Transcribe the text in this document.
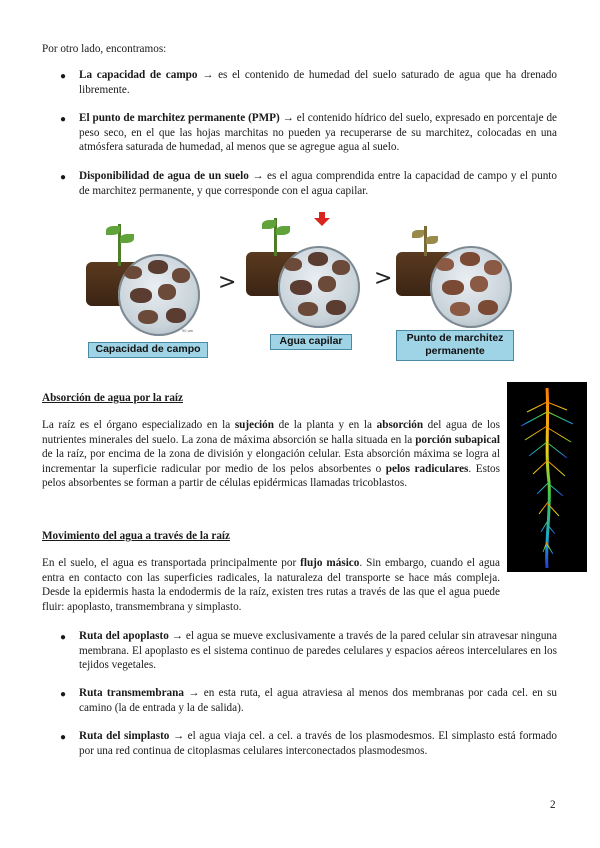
Por otro lado, encontramos:

● La capacidad de campo → es el contenido de humedad del suelo saturado de agua que ha drenado libremente.

● El punto de marchitez permanente (PMP) → el contenido hídrico del suelo, expresado en porcentaje de peso seco, en el que las hojas marchitas no pueden ya recuperarse de su marchitez, colocadas en una atmósfera saturada de humedad, al menos que se agregue agua al suelo.

● Disponibilidad de agua de un suelo → es el agua comprendida entre la capacidad de campo y el punto de marchitez permanente, y que corresponde con el agua capilar.

50 µm
Capacidad de campo
>
Agua capilar
>
Punto de marchitez permanente
Absorción de agua por la raíz

La raíz es el órgano especializado en la sujeción de la planta y en la absorción del agua de los nutrientes minerales del suelo. La zona de máxima absorción se halla situada en la porción subapical de la raíz, por encima de la zona de división y elongación celular. Esta absorción máxima se logra al incrementar la superficie radicular por medio de los pelos absorbentes o pelos radiculares. Estos pelos absorbentes se forman a partir de células epidérmicas llamadas tricoblastos.

Movimiento del agua a través de la raíz

En el suelo, el agua es transportada principalmente por flujo másico. Sin embargo, cuando el agua entra en contacto con las superficies radicales, la naturaleza del transporte se hace más compleja. Desde la epidermis hasta la endodermis de la raíz, existen tres rutas a través de las que el agua puede fluir: apoplasto, transmembrana y simplasto.

● Ruta del apoplasto → el agua se mueve exclusivamente a través de la pared celular sin atravesar ninguna membrana. El apoplasto es el sistema continuo de paredes celulares y espacios aéreos intercelulares en los tejidos vegetales.

● Ruta transmembrana → en esta ruta, el agua atraviesa al menos dos membranas por cada cel. en su camino (la de entrada y la de salida).

● Ruta del simplasto → el agua viaja cel. a cel. a través de los plasmodesmos. El simplasto está formado por una red continua de citoplasmas celulares interconectados plasmodesmos.

2
